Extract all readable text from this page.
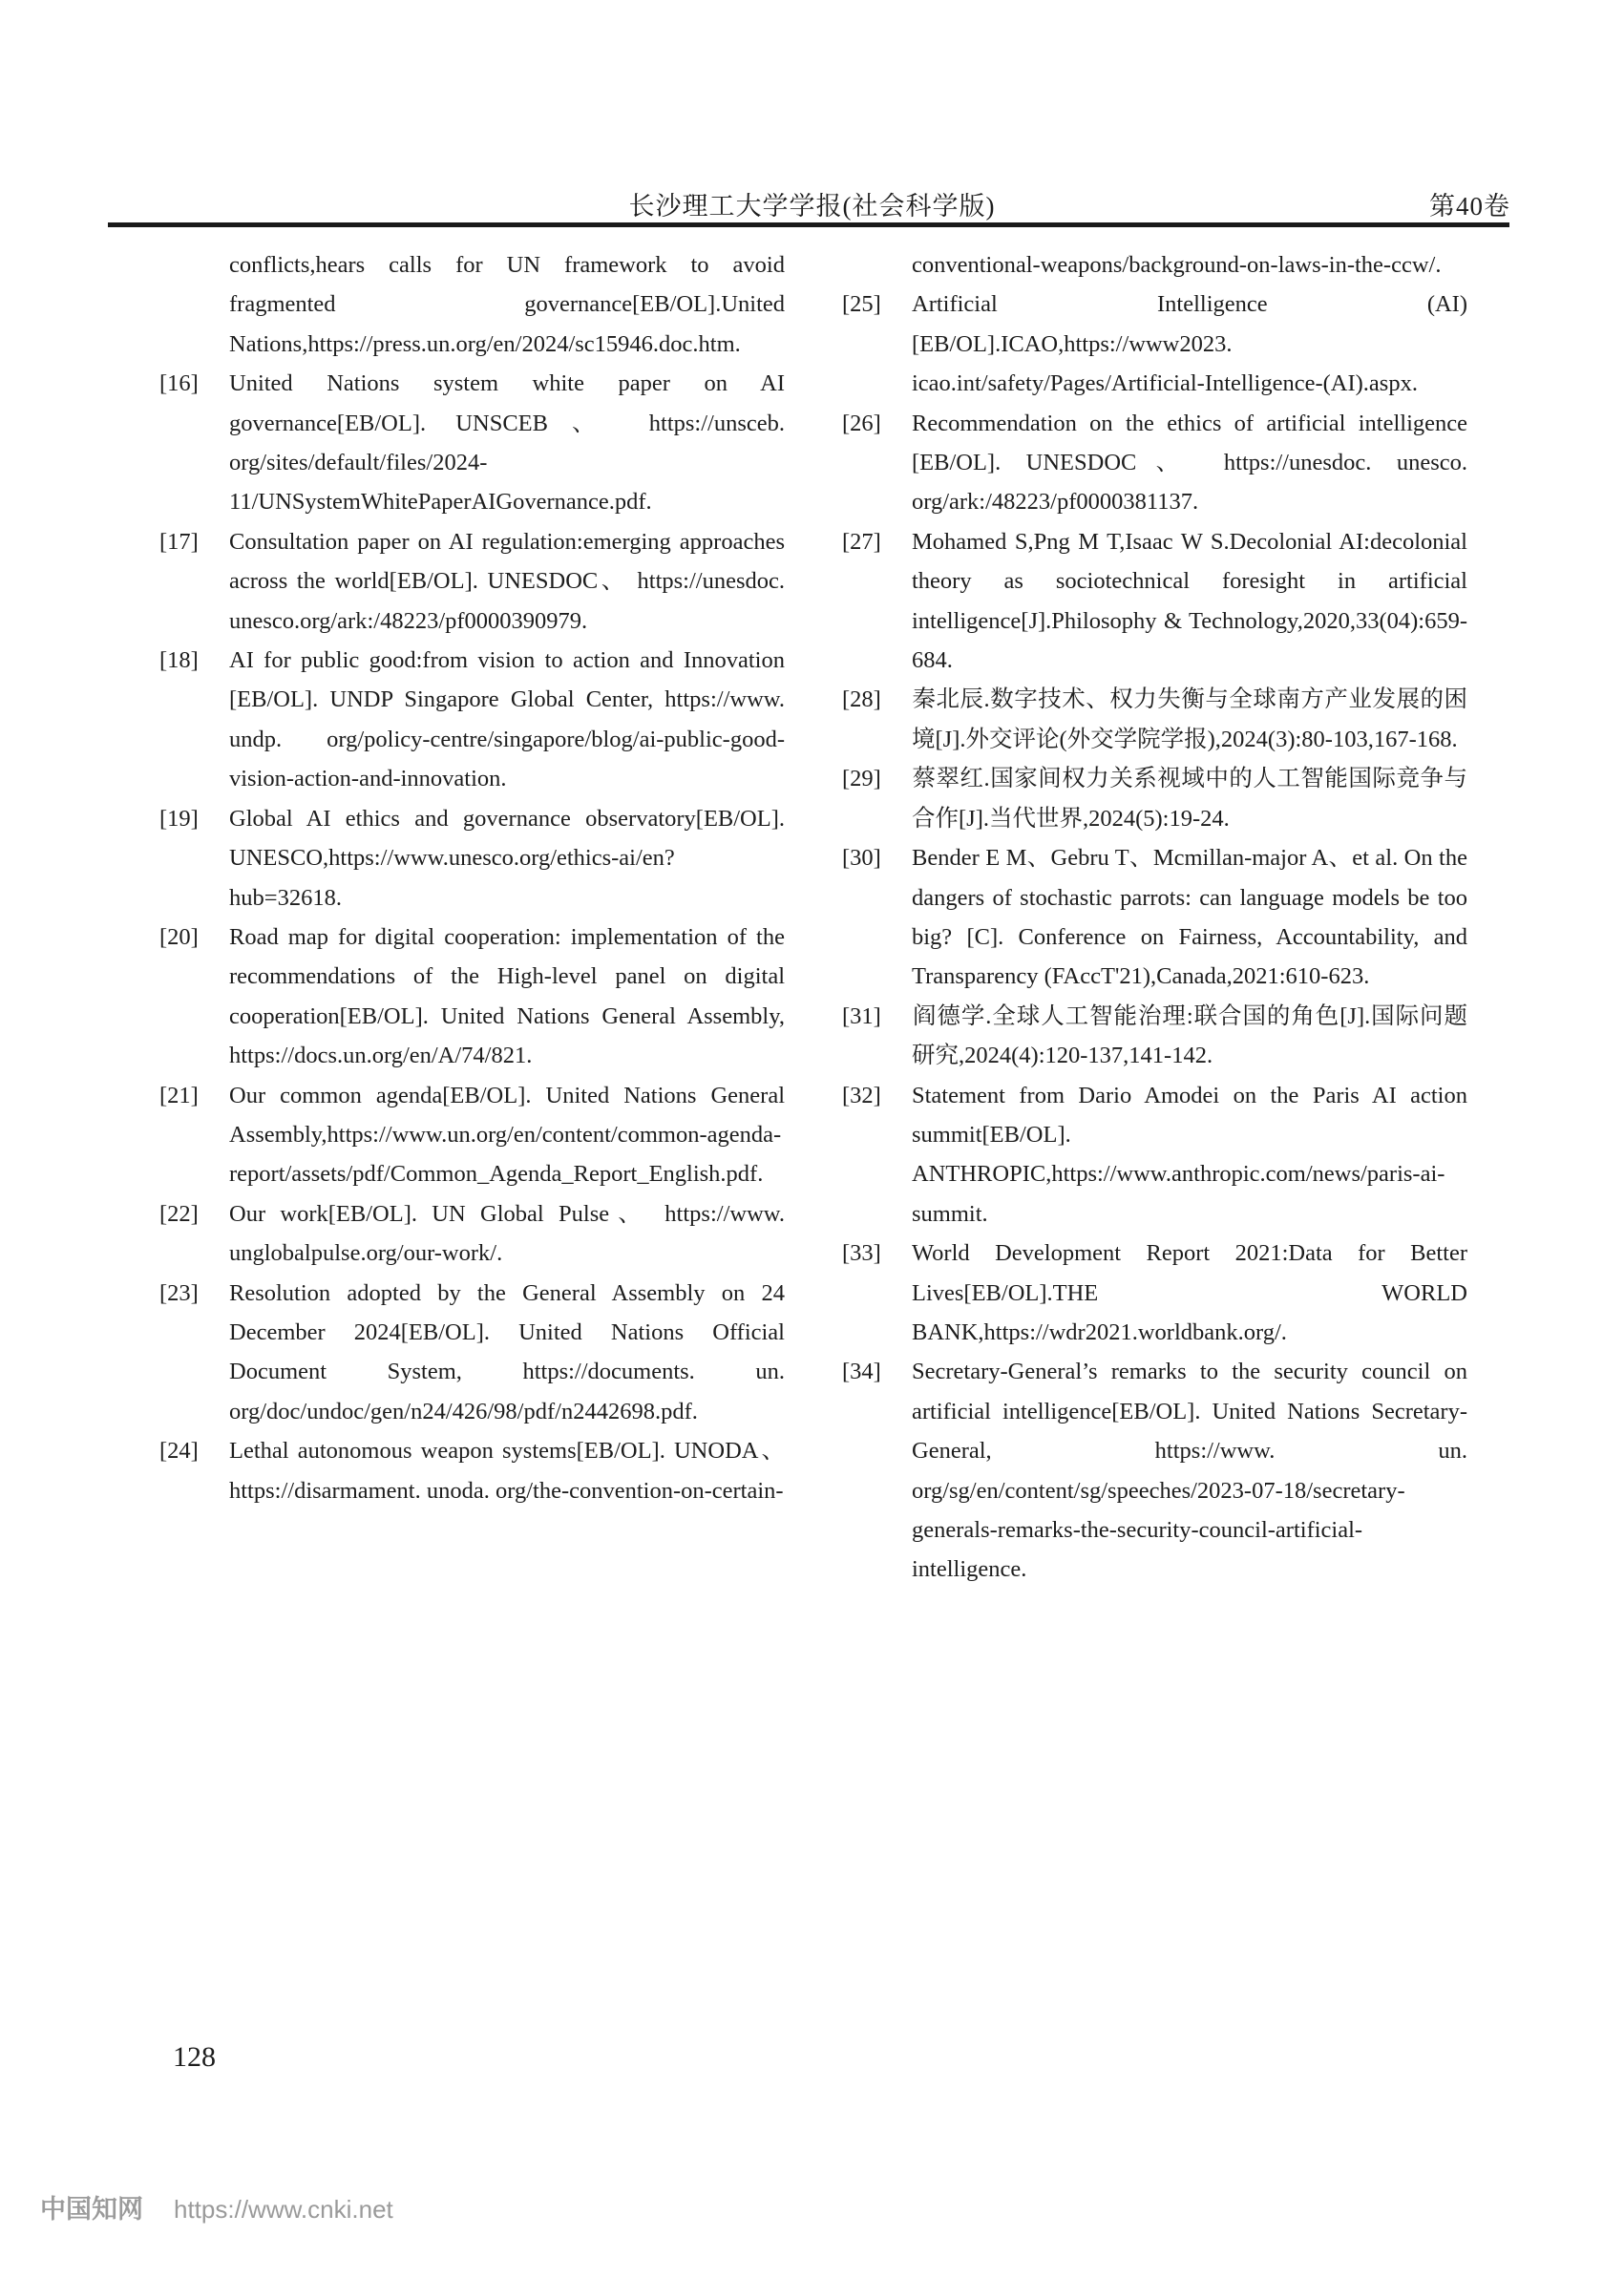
长沙理工大学学报(社会科学版)	第40卷

conflicts,hears calls for UN framework to avoid fragmented governance[EB/OL].United Nations,https://press.un.org/en/2024/sc15946.doc.htm.

[16] United Nations system white paper on AI governance[EB/OL]. UNSCEB、 https://unsceb. org/sites/default/files/2024-11/UNSystemWhitePaperAIGovernance.pdf.

[17] Consultation paper on AI regulation:emerging approaches across the world[EB/OL]. UNESDOC、 https://unesdoc. unesco.org/ark:/48223/pf0000390979.

[18] AI for public good:from vision to action and Innovation [EB/OL]. UNDP Singapore Global Center, https://www. undp. org/policy-centre/singapore/blog/ai-public-good-vision-action-and-innovation.

[19] Global AI ethics and governance observatory[EB/OL]. UNESCO,https://www.unesco.org/ethics-ai/en?hub=32618.

[20] Road map for digital cooperation: implementation of the recommendations of the High-level panel on digital cooperation[EB/OL]. United Nations General Assembly, https://docs.un.org/en/A/74/821.

[21] Our common agenda[EB/OL]. United Nations General Assembly,https://www.un.org/en/content/common-agenda-report/assets/pdf/Common_Agenda_Report_English.pdf.

[22] Our work[EB/OL]. UN Global Pulse、 https://www. unglobalpulse.org/our-work/.

[23] Resolution adopted by the General Assembly on 24 December 2024[EB/OL]. United Nations Official Document System, https://documents. un. org/doc/undoc/gen/n24/426/98/pdf/n2442698.pdf.

[24] Lethal autonomous weapon systems[EB/OL]. UNODA、 https://disarmament. unoda. org/the-convention-on-certain-

conventional-weapons/background-on-laws-in-the-ccw/.

[25] Artificial Intelligence (AI)[EB/OL].ICAO,https://www2023. icao.int/safety/Pages/Artificial-Intelligence-(AI).aspx.

[26] Recommendation on the ethics of artificial intelligence [EB/OL]. UNESDOC、 https://unesdoc. unesco. org/ark:/48223/pf0000381137.

[27] Mohamed S,Png M T,Isaac W S.Decolonial AI:decolonial theory as sociotechnical foresight in artificial intelligence[J].Philosophy & Technology,2020,33(04):659-684.

[28] 秦北辰.数字技术、权力失衡与全球南方产业发展的困境[J].外交评论(外交学院学报),2024(3):80-103,167-168.

[29] 蔡翠红.国家间权力关系视域中的人工智能国际竞争与合作[J].当代世界,2024(5):19-24.

[30] Bender E M、Gebru T、Mcmillan-major A、et al. On the dangers of stochastic parrots: can language models be too big? [C]. Conference on Fairness, Accountability, and Transparency (FAccT'21),Canada,2021:610-623.

[31] 阎德学.全球人工智能治理:联合国的角色[J].国际问题研究,2024(4):120-137,141-142.

[32] Statement from Dario Amodei on the Paris AI action summit[EB/OL]. ANTHROPIC,https://www.anthropic.com/news/paris-ai-summit.

[33] World Development Report 2021:Data for Better Lives[EB/OL].THE WORLD BANK,https://wdr2021.worldbank.org/.

[34] Secretary-General’s remarks to the security council on artificial intelligence[EB/OL]. United Nations Secretary-General, https://www. un. org/sg/en/content/sg/speeches/2023-07-18/secretary-generals-remarks-the-security-council-artificial-intelligence.

128
中国知网 https://www.cnki.net
